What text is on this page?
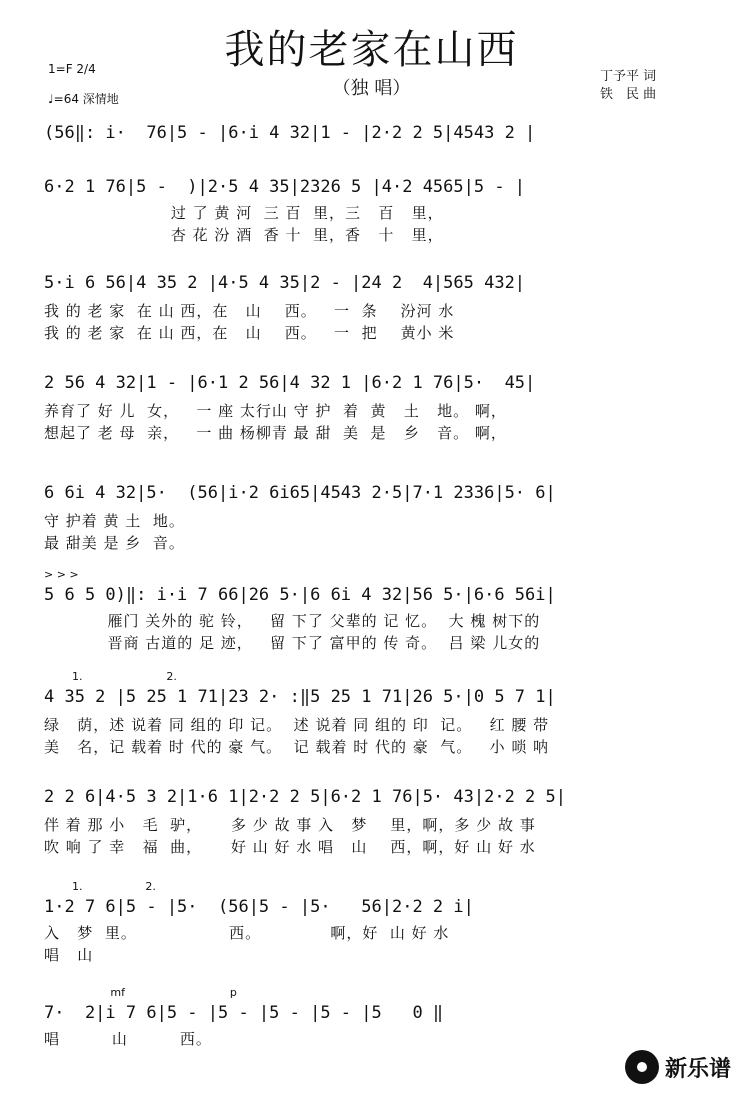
我的老家在山西
（独 唱）
1=F 2/4
♩=64 深情地
丁予平 词
铁　民 曲
(56‖: i·  76|5 - |6·i 4 32|1 - |2·2 2 5|4543 2 |
6·2 1 76|5 -  )|2·5 4 35|2326 5 |4·2 4565|5 - |
过 了 黄 河  三 百  里，三   百   里，
杏 花 汾 酒  香 十  里，香   十   里，
5·i 6 56|4 35 2 |4·5 4 35|2 - |24 2  4|565 432|
我 的 老 家  在 山 西，在   山    西。   一  条    汾河 水
我 的 老 家  在 山 西，在   山    西。   一  把    黄小 米
2 56 4 32|1 - |6·1 2 56|4 32 1 |6·2 1 76|5·  45|
养育了 好 儿  女，   一 座 太行山 守 护  着  黄   土   地。 啊，
想起了 老 母  亲，   一 曲 杨柳青 最 甜  美  是   乡   音。 啊，
6 6i 4 32|5·  (56|i·2 6i65|4543 2·5|7·1 2336|5· 6|
守 护着 黄 土  地。
最 甜美 是 乡  音。
> > >
5 6 5 0)‖: i·i 7 66|26 5·|6 6i 4 32|56 5·|6·6 56i|
雁门 关外的 驼 铃，   留 下了 父辈的 记 忆。  大 槐 树下的
晋商 古道的 足 迹，   留 下了 富甲的 传 奇。  吕 梁 儿女的
1.                        2.
4 35 2 |5 25 1 71|23 2· :‖5 25 1 71|26 5·|0 5 7 1|
绿   荫，述 说着 同 组的 印 记。  述 说着 同 组的 印  记。   红 腰 带
美   名，记 载着 时 代的 豪 气。  记 载着 时 代的 豪  气。   小 唢 呐
2 2 6|4·5 3 2|1·6 1|2·2 2 5|6·2 1 76|5· 43|2·2 2 5|
伴 着 那 小   毛  驴，     多 少 故 事 入   梦    里，啊，多 少 故 事
吹 响 了 幸   福  曲，     好 山 好 水 唱   山    西，啊，好 山 好 水
1.                  2.
1·2 7 6|5 - |5·  (56|5 - |5·   56|2·2 2 i|
入   梦  里。                西。            啊，好  山 好 水
唱   山
mf                              p
7·  2|i 7 6|5 - |5 - |5 - |5 - |5   0 ‖
唱         山         西。
新乐谱
